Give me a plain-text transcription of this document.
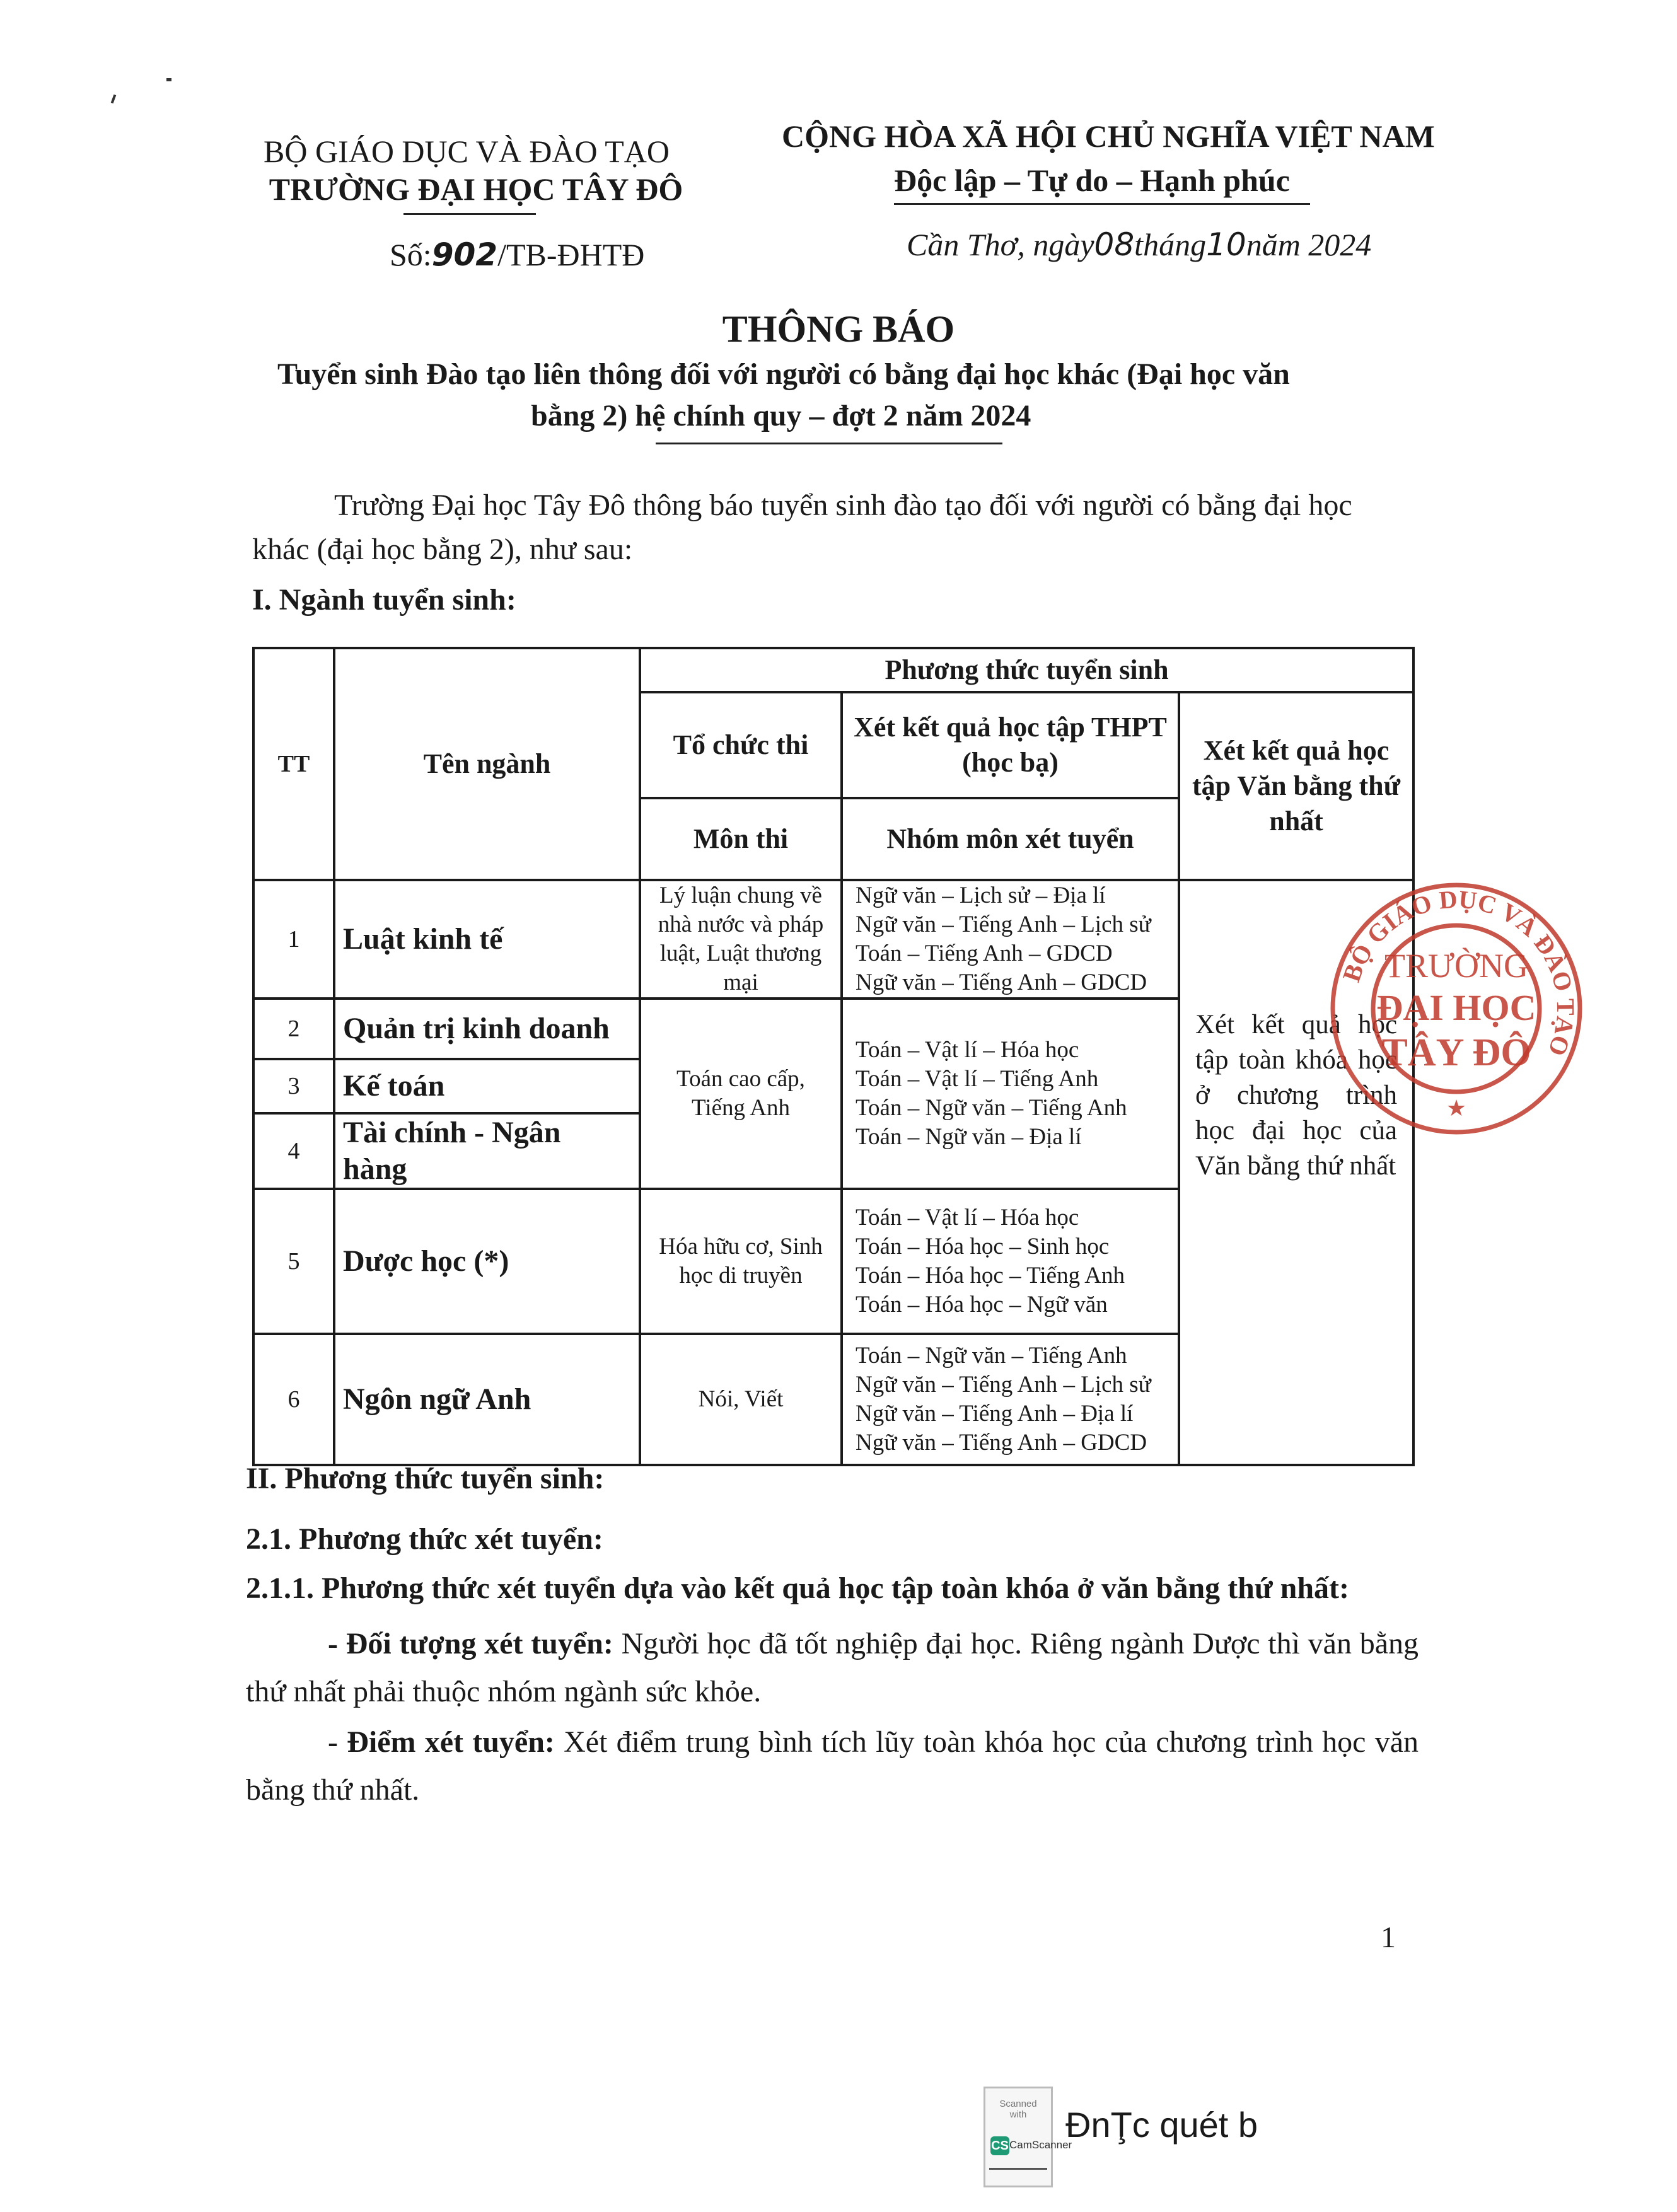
BỘ GIÁO DỤC VÀ ĐÀO TẠO
TRƯỜNG ĐẠI HỌC TÂY ĐÔ
Số:902/TB-ĐHTĐ
CỘNG HÒA XÃ HỘI CHỦ NGHĨA VIỆT NAM
Độc lập – Tự do – Hạnh phúc
Cần Thơ, ngày08tháng10năm 2024
THÔNG BÁO
Tuyển sinh Đào tạo liên thông đối với người có bằng đại học khác (Đại học văn
bằng 2) hệ chính quy – đợt 2 năm 2024
Trường Đại học Tây Đô thông báo tuyển sinh đào tạo đối với người có bằng đại học
khác (đại học bằng 2), như sau:
I. Ngành tuyển sinh:
TT	Tên ngành	Phương thức tuyển sinh		
		Tổ chức thi	Xét kết quả học tập THPT (học bạ)	Xét kết quả học tập Văn bằng thứ nhất
		Môn thi	Nhóm môn xét tuyển	
1	Luật kinh tế	Lý luận chung về nhà nước và pháp luật, Luật thương mại	Ngữ văn – Lịch sử – Địa lí
Ngữ văn – Tiếng Anh – Lịch sử
Toán – Tiếng Anh – GDCD
Ngữ văn – Tiếng Anh – GDCD	Xét kết quả học tập toàn khóa học ở chương trình học đại học của Văn bằng thứ nhất
2	Quản trị kinh doanh	Toán cao cấp, Tiếng Anh	Toán – Vật lí – Hóa học
Toán – Vật lí – Tiếng Anh
Toán – Ngữ văn – Tiếng Anh
Toán – Ngữ văn – Địa lí	

3	Kế toán			
4	Tài chính - Ngân hàng			
5	Dược học (*)	Hóa hữu cơ, Sinh học di truyền	Toán – Vật lí – Hóa học
Toán – Hóa học – Sinh học
Toán – Hóa học – Tiếng Anh
Toán – Hóa học – Ngữ văn	

6	Ngôn ngữ Anh	Nói, Viết	Toán – Ngữ văn – Tiếng Anh
Ngữ văn – Tiếng Anh – Lịch sử
Ngữ văn – Tiếng Anh – Địa lí
Ngữ văn – Tiếng Anh – GDCD	
BỘ GIÁO DỤC VÀ ĐÀO TẠO
TRƯỜNG
ĐẠI HỌC
TÂY ĐÔ
★
II. Phương thức tuyển sinh:
2.1. Phương thức xét tuyển:
2.1.1. Phương thức xét tuyển dựa vào kết quả học tập toàn khóa ở văn bằng thứ nhất:
- Đối tượng xét tuyển: Người học đã tốt nghiệp đại học. Riêng ngành Dược thì văn bằng thứ nhất phải thuộc nhóm ngành sức khỏe.
- Điểm xét tuyển: Xét điểm trung bình tích lũy toàn khóa học của chương trình học văn bằng thứ nhất.
1
Scanned with
CS CamScanner
ĐnŢc quét b
